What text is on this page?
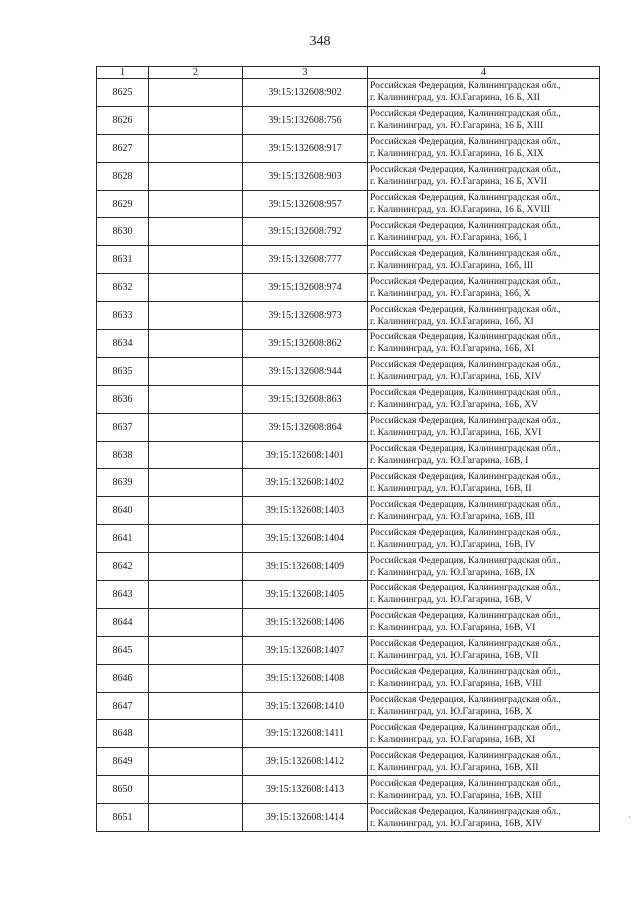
348
1	2	3	4
8625		39:15:132608:902	Российская Федерация, Калининградская обл.,
г. Калининград, ул. Ю.Гагарина, 16 Б, XII

8626		39:15:132608:756	Российская Федерация, Калининградская обл.,
г. Калининград, ул. Ю.Гагарина, 16 Б, XIII

8627		39:15:132608:917	Российская Федерация, Калининградская обл.,
г. Калининград, ул. Ю.Гагарина, 16 Б, XIX

8628		39:15:132608:903	Российская Федерация, Калининградская обл.,
г. Калининград, ул. Ю.Гагарина, 16 Б, XVII

8629		39:15:132608:957	Российская Федерация, Калининградская обл.,
г. Калининград, ул. Ю.Гагарина, 16 Б, XVIII

8630		39:15:132608:792	Российская Федерация, Калининградская обл.,
г. Калининград, ул. Ю.Гагарина, 16б, I

8631		39:15:132608:777	Российская Федерация, Калининградская обл.,
г. Калининград, ул. Ю.Гагарина, 16б, III

8632		39:15:132608:974	Российская Федерация, Калининградская обл.,
г. Калининград, ул. Ю.Гагарина, 16б, X

8633		39:15:132608:973	Российская Федерация, Калининградская обл.,
г. Калининград, ул. Ю.Гагарина, 16б, XI

8634		39:15:132608:862	Российская Федерация, Калининградская обл.,
г. Калининград, ул. Ю.Гагарина, 16Б, XI

8635		39:15:132608:944	Российская Федерация, Калининградская обл.,
г. Калининград, ул. Ю.Гагарина, 16Б, XIV

8636		39:15:132608:863	Российская Федерация, Калининградская обл.,
г. Калининград, ул. Ю.Гагарина, 16Б, XV

8637		39:15:132608:864	Российская Федерация, Калининградская обл.,
г. Калининград, ул. Ю.Гагарина, 16Б, XVI

8638		39:15:132608:1401	Российская Федерация, Калининградская обл.,
г. Калининград, ул. Ю.Гагарина, 16В, I

8639		39:15:132608:1402	Российская Федерация, Калининградская обл.,
г. Калининград, ул. Ю.Гагарина, 16В, II

8640		39:15:132608:1403	Российская Федерация, Калининградская обл.,
г. Калининград, ул. Ю.Гагарина, 16В, III

8641		39:15:132608:1404	Российская Федерация, Калининградская обл.,
г. Калининград, ул. Ю.Гагарина, 16В, IV

8642		39:15:132608:1409	Российская Федерация, Калининградская обл.,
г. Калининград, ул. Ю.Гагарина, 16В, IX

8643		39:15:132608:1405	Российская Федерация, Калининградская обл.,
г. Калининград, ул. Ю.Гагарина, 16В, V

8644		39:15:132608:1406	Российская Федерация, Калининградская обл.,
г. Калининград, ул. Ю.Гагарина, 16В, VI

8645		39:15:132608:1407	Российская Федерация, Калининградская обл.,
г. Калининград, ул. Ю.Гагарина, 16В, VII

8646		39:15:132608:1408	Российская Федерация, Калининградская обл.,
г. Калининград, ул. Ю.Гагарина, 16В, VIII

8647		39:15:132608:1410	Российская Федерация, Калининградская обл.,
г. Калининград, ул. Ю.Гагарина, 16В, X

8648		39:15:132608:1411	Российская Федерация, Калининградская обл.,
г. Калининград, ул. Ю.Гагарина, 16В, XI

8649		39:15:132608:1412	Российская Федерация, Калининградская обл.,
г. Калининград, ул. Ю.Гагарина, 16В, XII

8650		39:15:132608:1413	Российская Федерация, Калининградская обл.,
г. Калининград, ул. Ю.Гагарина, 16В, XIII

8651		39:15:132608:1414	Российская Федерация, Калининградская обл.,
г. Калининград, ул. Ю.Гагарина, 16В, XIV
·
